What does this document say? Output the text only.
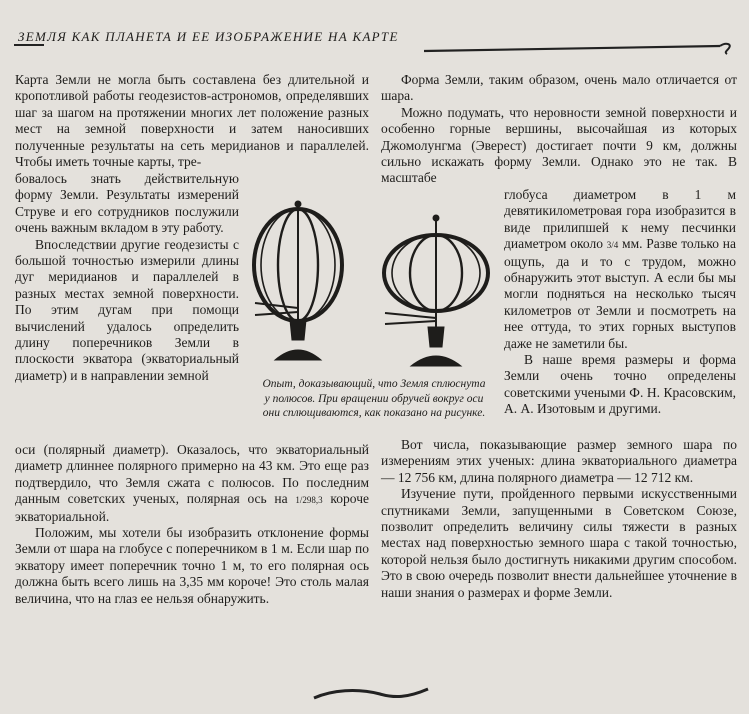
ЗЕМЛЯ КАК ПЛАНЕТА И ЕЕ ИЗОБРАЖЕНИЕ НА КАРТЕ

Карта Земли не могла быть составлена без длительной и кропотливой работы геодезистов-астрономов, определявших шаг за шагом на протяжении многих лет положение разных мест на земной поверхности и затем наносивших полученные результаты на сеть меридианов и параллелей. Чтобы иметь точные карты, тре-

бовалось знать действительную форму Земли. Результаты измерений Струве и его сотрудников послужили очень важным вкладом в эту работу.

Впоследствии другие геодезисты с большой точностью измерили длины дуг меридианов и параллелей в разных местах земной поверхности. По этим дугам при помощи вычислений удалось определить длину поперечников Земли в плоскости экватора (экваториальный диаметр) и в направлении земной

оси (полярный диаметр). Оказалось, что экваториальный диаметр длиннее полярного примерно на 43 км. Это еще раз подтвердило, что Земля сжата с полюсов. По последним данным советских ученых, полярная ось на 1/298,3 короче экваториальной.

Положим, мы хотели бы изобразить отклонение формы Земли от шара на глобусе с поперечником в 1 м. Если шар по экватору имеет поперечник точно 1 м, то его полярная ось должна быть всего лишь на 3,35 мм короче! Это столь малая величина, что на глаз ее нельзя обнаружить.

Форма Земли, таким образом, очень мало отличается от шара.

Можно подумать, что неровности земной поверхности и особенно горные вершины, высочайшая из которых Джомолунгма (Эверест) достигает почти 9 км, должны сильно искажать форму Земли. Однако это не так. В масштабе

глобуса диаметром в 1 м девятикилометровая гора изобразится в виде прилипшей к нему песчинки диаметром около 3/4 мм. Разве только на ощупь, да и то с трудом, можно обнаружить этот выступ. А если бы мы могли подняться на несколько тысяч километров от Земли и посмотреть на нее оттуда, то этих горных выступов даже не заметили бы.

В наше время размеры и форма Земли очень точно определены советскими учеными Ф. Н. Красовским, А. А. Изотовым и другими.

Вот числа, показывающие размер земного шара по измерениям этих ученых: длина экваториального диаметра — 12 756 км, длина полярного диаметра — 12 712 км.

Изучение пути, пройденного первыми искусственными спутниками Земли, запущенными в Советском Союзе, позволит определить величину силы тяжести в разных местах над поверхностью земного шара с такой точностью, которой нельзя было достигнуть никакими другим способом. Это в свою очередь позволит внести дальнейшее уточнение в наши знания о размерах и форме Земли.

Опыт, доказывающий, что Земля сплюснута у полюсов. При вращении обручей вокруг оси они сплющиваются, как показано на рисунке.
